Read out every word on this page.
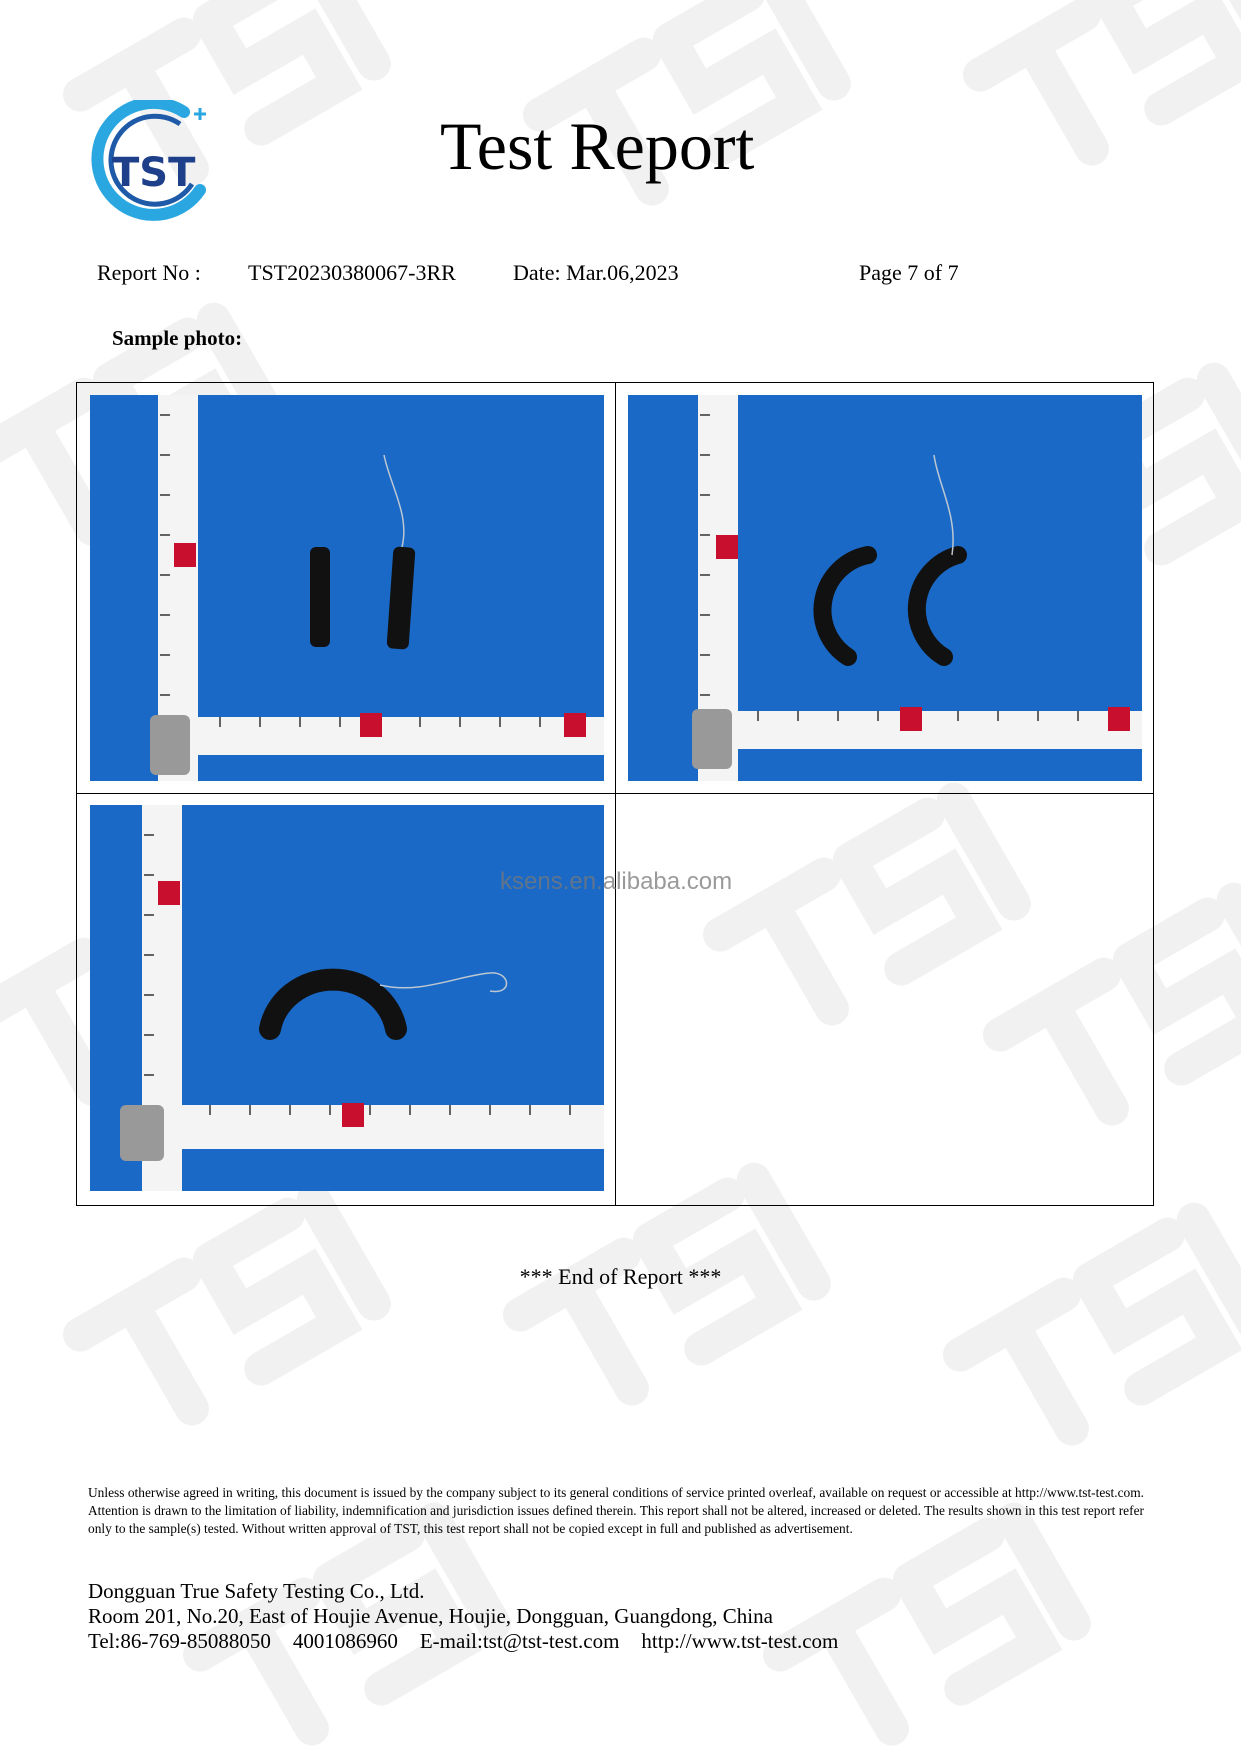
TST	Test Report
Report No : TST20230380067-3RR	Date: Mar.06,2023	Page 7 of 7
Sample photo:
ksens.en.alibaba.com
*** End of Report ***
Unless otherwise agreed in writing, this document is issued by the company subject to its general conditions of service printed overleaf, available on request or accessible at http://www.tst-test.com. Attention is drawn to the limitation of liability, indemnification and jurisdiction issues defined therein. This report shall not be altered, increased or deleted. The results shown in this test report refer only to the sample(s) tested. Without written approval of TST, this test report shall not be copied except in full and published as advertisement.
Dongguan True Safety Testing Co., Ltd.
Room 201, No.20, East of Houjie Avenue, Houjie, Dongguan, Guangdong, China
Tel:86-769-85088050 4001086960 E-mail:tst@tst-test.com http://www.tst-test.com
